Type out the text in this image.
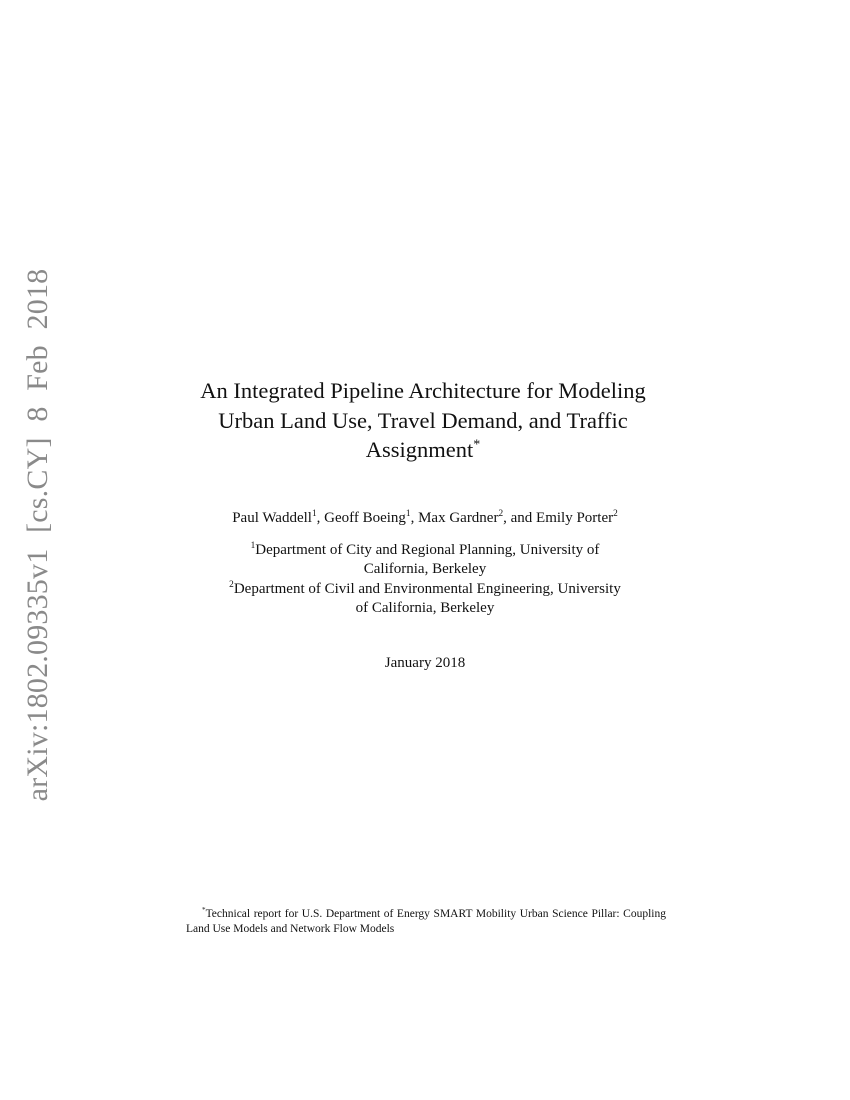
arXiv:1802.09335v1 [cs.CY] 8 Feb 2018	An Integrated Pipeline Architecture for Modeling
Urban Land Use, Travel Demand, and Traffic
Assignment*
Paul Waddell$^1$, Geoff Boeing$^1$, Max Gardner$^2$, and Emily Porter$^2$
$^1$Department of City and Regional Planning, University of
California, Berkeley
$^2$Department of Civil and Environmental Engineering, University
of California, Berkeley
January 2018
*Technical report for U.S. Department of Energy SMART Mobility Urban Science Pillar: Coupling Land Use Models and Network Flow Models
